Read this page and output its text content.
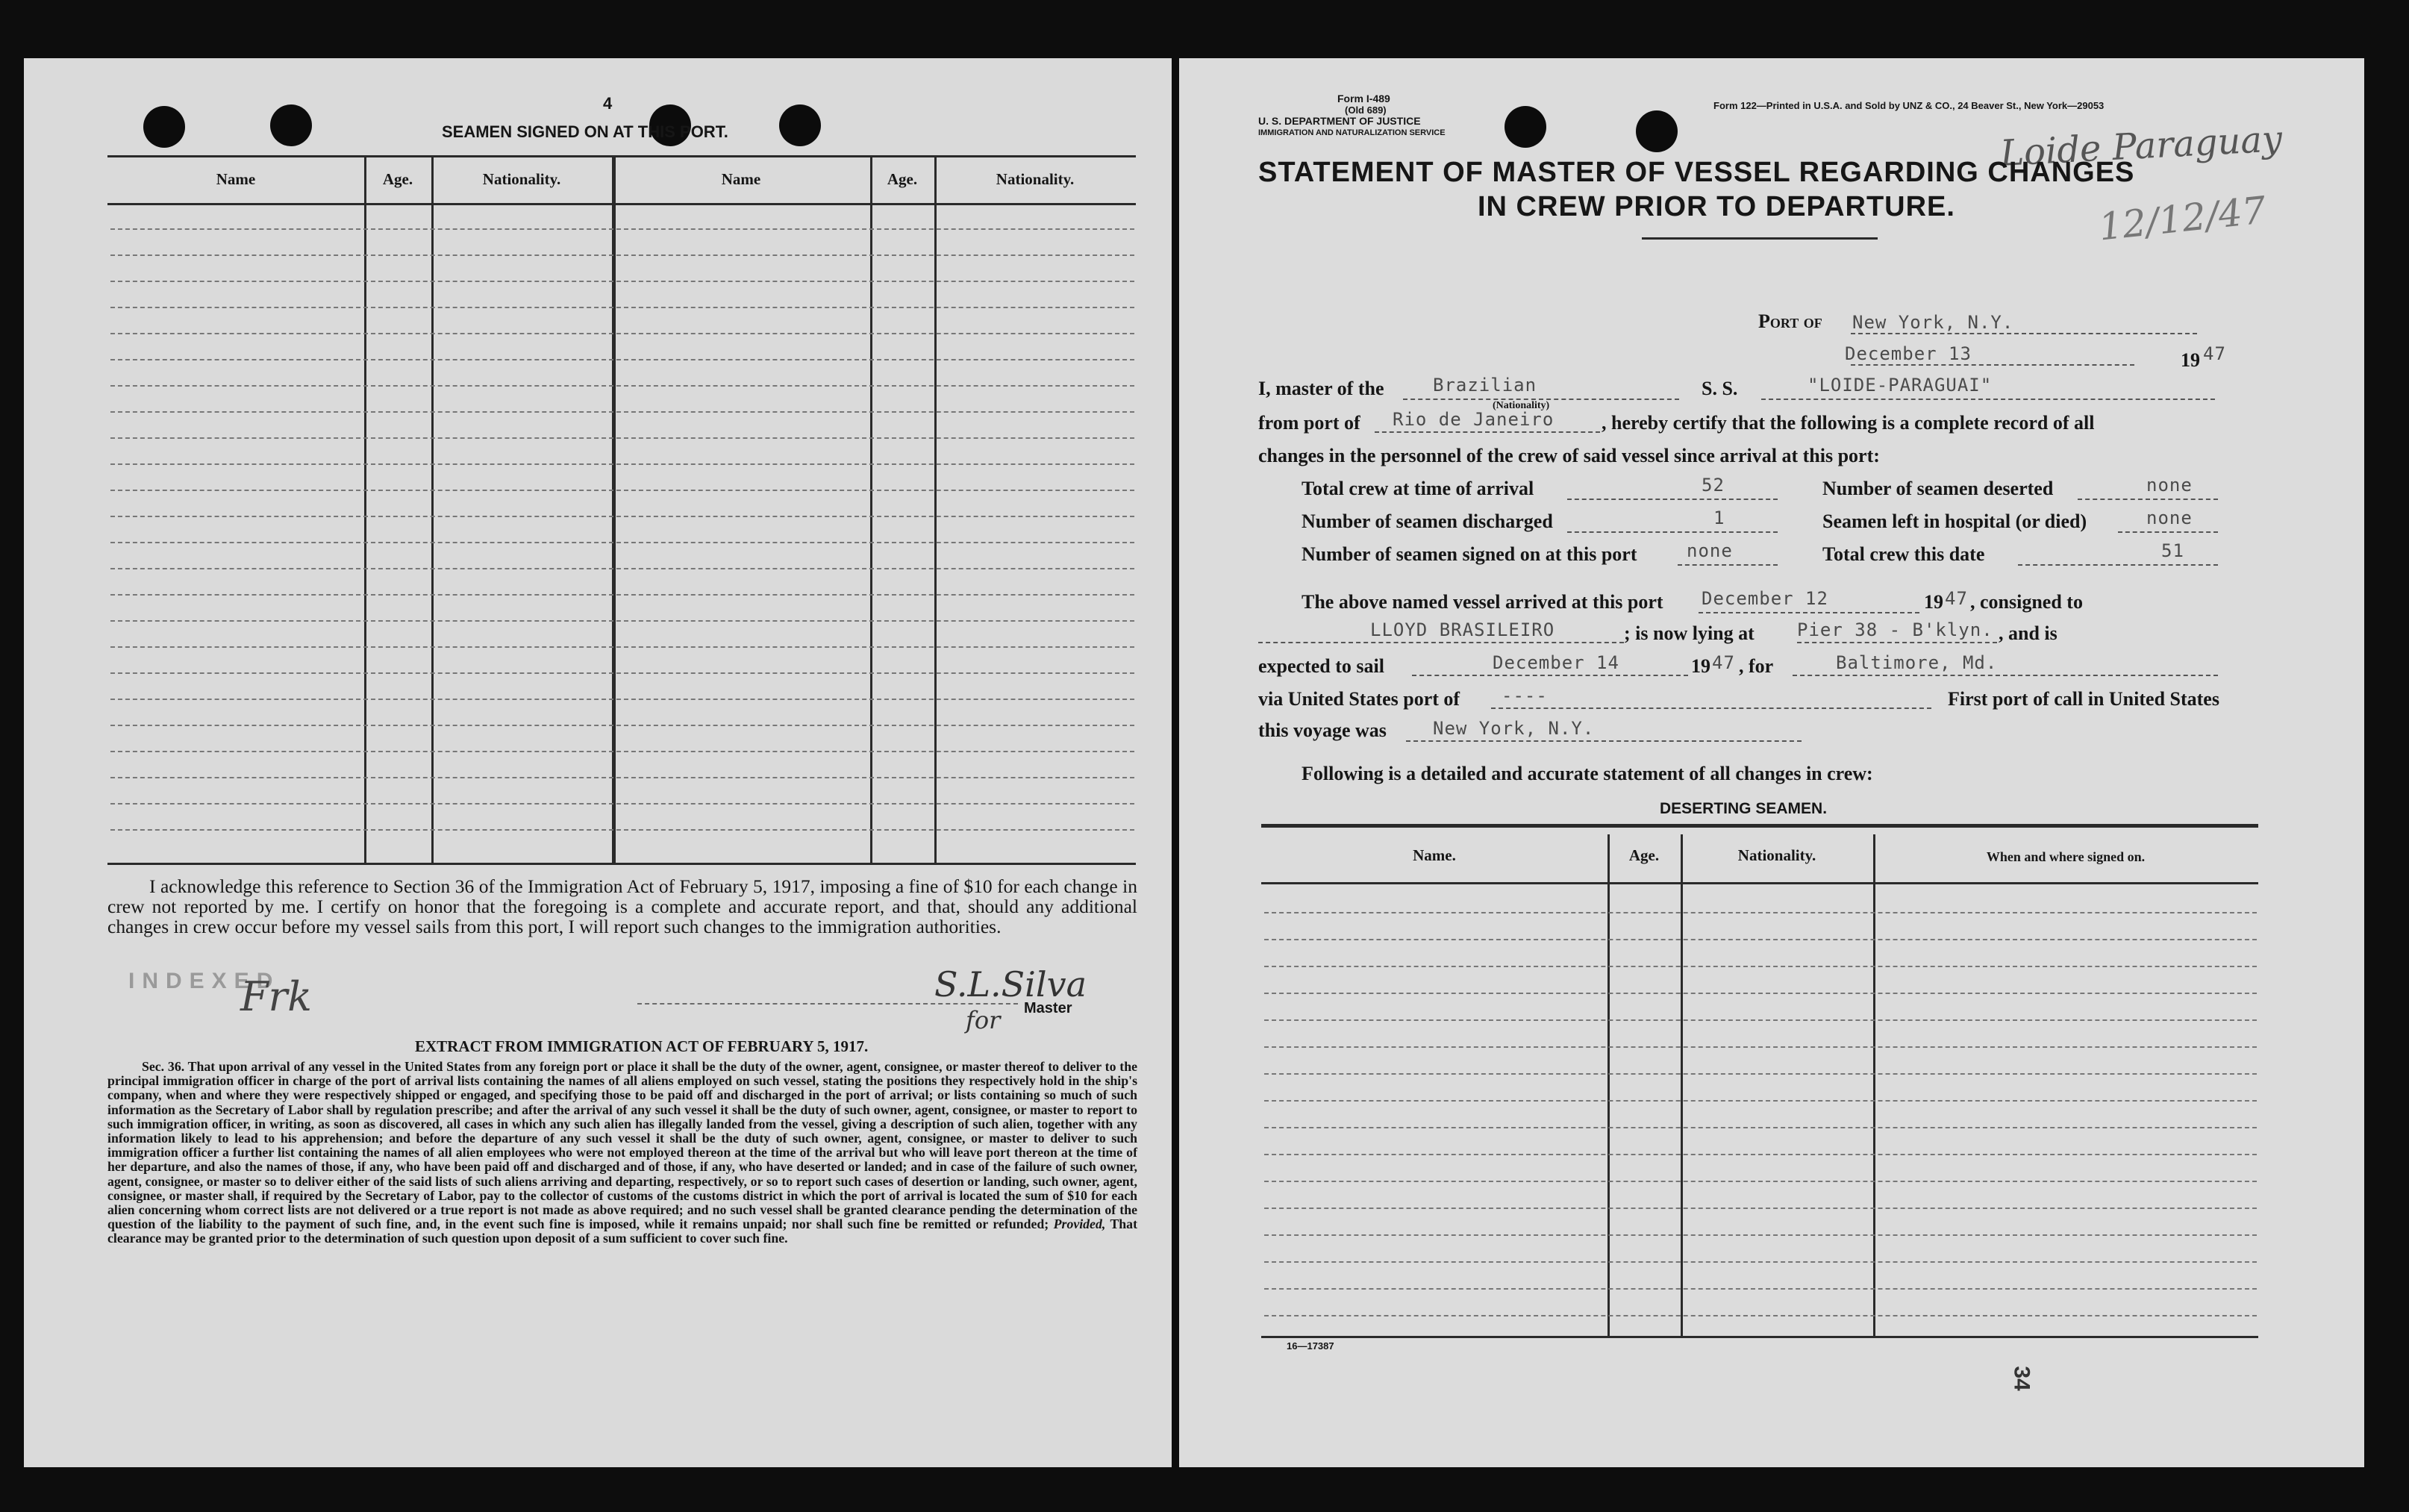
4
SEAMEN SIGNED ON AT THIS PORT.
Name	Age.	Nationality.	Name	Age.	Nationality.
I acknowledge this reference to Section 36 of the Immigration Act of February 5, 1917, imposing a fine of $10 for each change in crew not reported by me. I certify on honor that the foregoing is a complete and accurate report, and that, should any additional changes in crew occur before my vessel sails from this port, I will report such changes to the immigration authorities.
INDEXED
Frk	S.L.Silva
for Master
EXTRACT FROM IMMIGRATION ACT OF FEBRUARY 5, 1917.
Sec. 36. That upon arrival of any vessel in the United States from any foreign port or place it shall be the duty of the owner, agent, consignee, or master thereof to deliver to the principal immigration officer in charge of the port of arrival lists containing the names of all aliens employed on such vessel, stating the positions they respectively hold in the ship's company, when and where they were respectively shipped or engaged, and specifying those to be paid off and discharged in the port of arrival; or lists containing so much of such information as the Secretary of Labor shall by regulation prescribe; and after the arrival of any such vessel it shall be the duty of such owner, agent, consignee, or master to report to such immigration officer, in writing, as soon as discovered, all cases in which any such alien has illegally landed from the vessel, giving a description of such alien, together with any information likely to lead to his apprehension; and before the departure of any such vessel it shall be the duty of such owner, agent, consignee, or master to deliver to such immigration officer a further list containing the names of all alien employees who were not employed thereon at the time of the arrival but who will leave port thereon at the time of her departure, and also the names of those, if any, who have been paid off and discharged and of those, if any, who have deserted or landed; and in case of the failure of such owner, agent, consignee, or master so to deliver either of the said lists of such aliens arriving and departing, respectively, or so to report such cases of desertion or landing, such owner, agent, consignee, or master shall, if required by the Secretary of Labor, pay to the collector of customs of the customs district in which the port of arrival is located the sum of $10 for each alien concerning whom correct lists are not delivered or a true report is not made as above required; and no such vessel shall be granted clearance pending the determination of the question of the liability to the payment of such fine, and, in the event such fine is imposed, while it remains unpaid; nor shall such fine be remitted or refunded; Provided, That clearance may be granted prior to the determination of such question upon deposit of a sum sufficient to cover such fine.
Form I-489
(Old 689)
U. S. DEPARTMENT OF JUSTICE
IMMIGRATION AND NATURALIZATION SERVICE
Form 122—Printed in U.S.A. and Sold by UNZ & CO., 24 Beaver St., New York—29053
Loide Paraguay
12/12/47
STATEMENT OF MASTER OF VESSEL REGARDING CHANGES
IN CREW PRIOR TO DEPARTURE.
Port of New York, N.Y.
December 13	19 47
I, master of the	Brazilian
(Nationality)
S. S.	"LOIDE-PARAGUAI"
from port of Rio de Janeiro , hereby certify that the following is a complete record of all
changes in the personnel of the crew of said vessel since arrival at this port:
Total crew at time of arrival	52	Number of seamen deserted	none
Number of seamen discharged	1	Seamen left in hospital (or died)	none
Number of seamen signed on at this port	none	Total crew this date	51
The above named vessel arrived at this port December 12	19 47 , consigned to
LLOYD BRASILEIRO	; is now lying at Pier 38 - B'klyn. , and is
expected to sail	December 14	19 47 , for	Baltimore, Md.
via United States port of ----	First port of call in United States
this voyage was	New York, N.Y.
Following is a detailed and accurate statement of all changes in crew:
DESERTING SEAMEN.
Name.	Age.	Nationality.	When and where signed on.
16—17387
34
